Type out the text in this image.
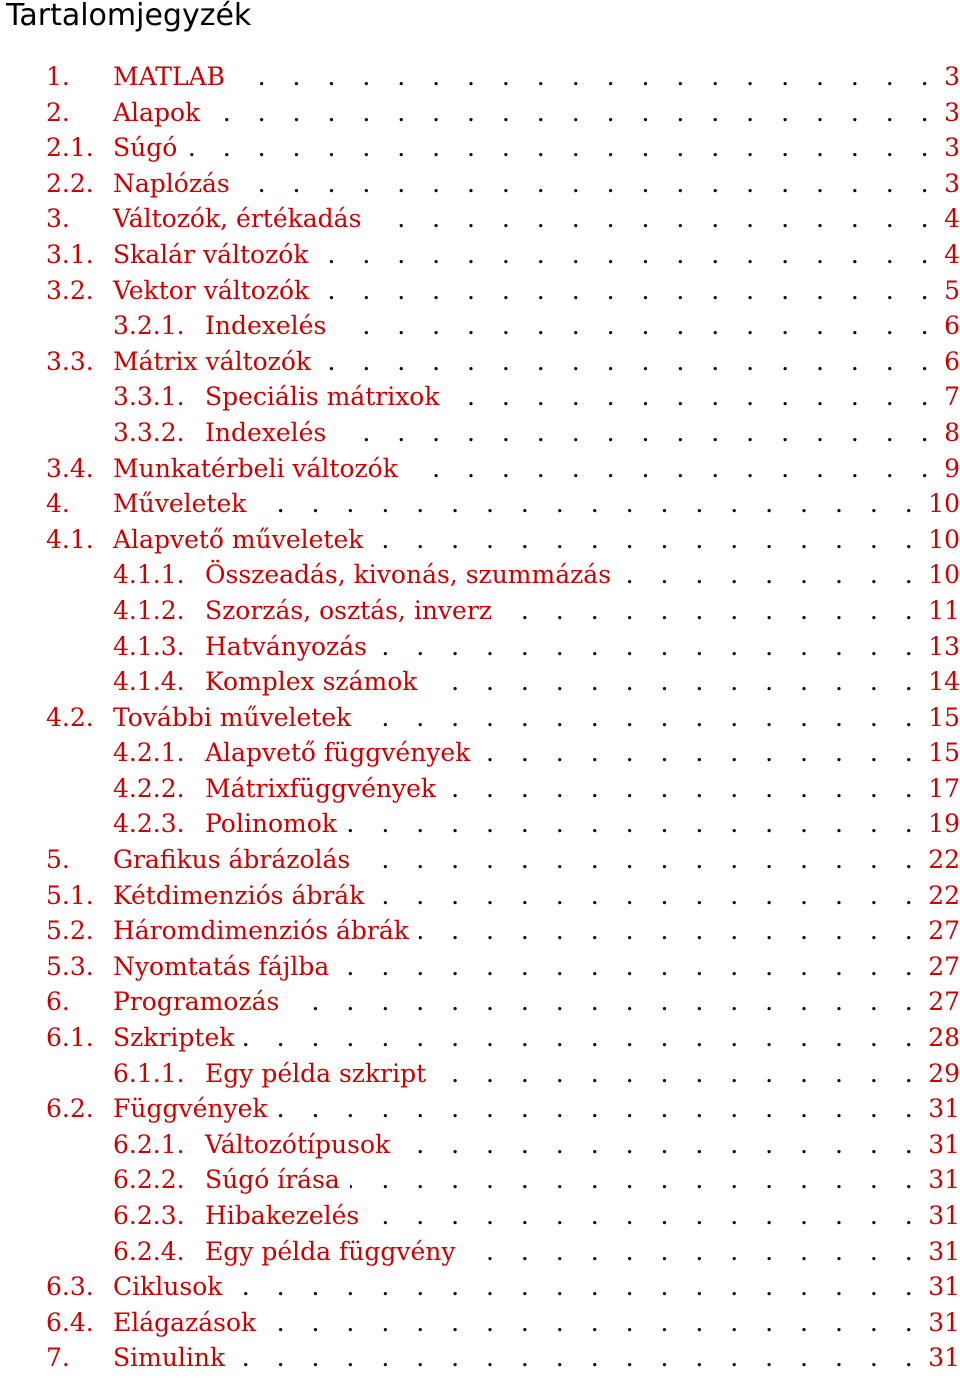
Tartalomjegyzék
1.	MATLAB . . .	3
2.	Alapok . . .	3
2.1. Súgó . . .	3
2.2. Naplózás . . .	3
3.	Változók, értékadás . . .	4
3.1. Skalár változók . . .	4
3.2. Vektor változók . . .	5
3.2.1. Indexelés . . .	6
3.3. Mátrix változók . . .	6
3.3.1. Speciális mátrixok . . .	7
3.3.2. Indexelés . . .	8
3.4. Munkatérbeli változók . . .	9
4.	Műveletek . . .	10
4.1. Alapvető műveletek . . .	10
4.1.1. Összeadás, kivonás, szummázás . . .	10
4.1.2. Szorzás, osztás, inverz . . .	11
4.1.3. Hatványozás . . .	13
4.1.4. Komplex számok . . .	14
4.2. További műveletek . . .	15
4.2.1. Alapvető függvények . . .	15
4.2.2. Mátrixfüggvények . . .	17
4.2.3. Polinomok . . .	19
5.	Grafikus ábrázolás . . .	22
5.1. Kétdimenziós ábrák . . .	22
5.2. Háromdimenziós ábrák . . .	27
5.3. Nyomtatás fájlba . . .	27
6.	Programozás . . .	27
6.1. Szkriptek . . .	28
6.1.1. Egy példa szkript . . .	29
6.2. Függvények . . .	31
6.2.1. Változótípusok . . .	31
6.2.2. Súgó írása . . .	31
6.2.3. Hibakezelés . . .	31
6.2.4. Egy példa függvény . . .	31
6.3. Ciklusok . . .	31
6.4. Elágazások . . .	31
7.	Simulink . . .	31
